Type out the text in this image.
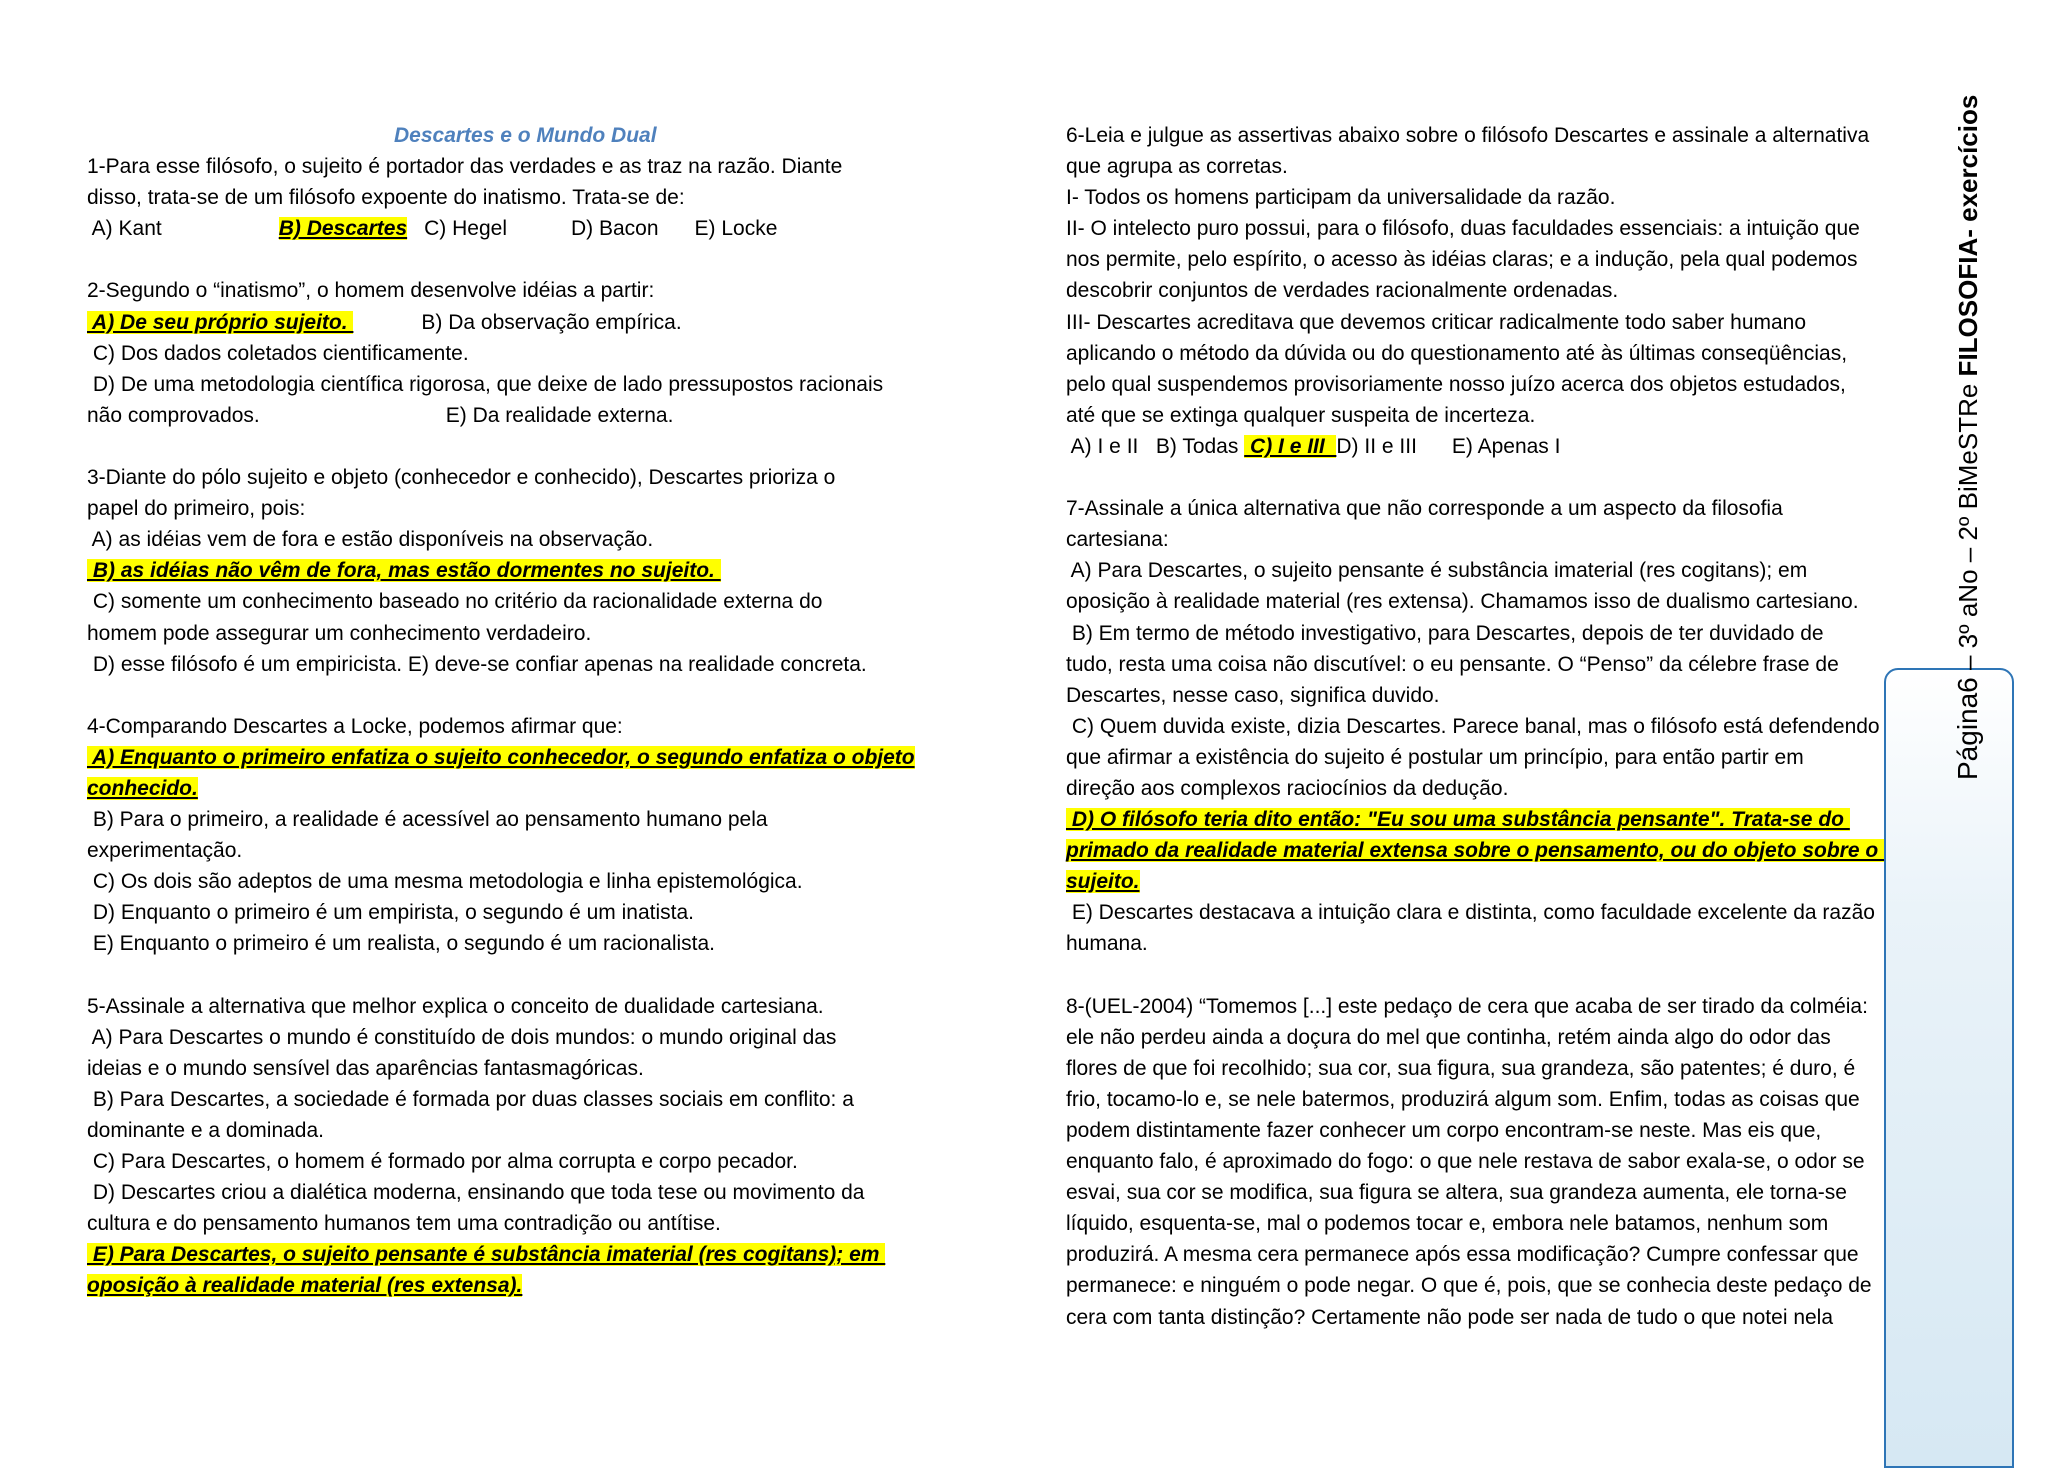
Descartes e o Mundo Dual
1-Para esse filósofo, o sujeito é portador das verdades e as traz na razão. Diante
disso, trata-se de um filósofo expoente do inatismo. Trata-se de:
A) Kant	B) Descartes C) Hegel	D) Bacon E) Locke
2-Segundo o “inatismo”, o homem desenvolve idéias a partir:
A) De seu próprio sujeito.	B) Da observação empírica.
C) Dos dados coletados cientificamente.
D) De uma metodologia científica rigorosa, que deixe de lado pressupostos racionais
não comprovados.	E) Da realidade externa.
3-Diante do pólo sujeito e objeto (conhecedor e conhecido), Descartes prioriza o
papel do primeiro, pois:
A) as idéias vem de fora e estão disponíveis na observação.
B) as idéias não vêm de fora, mas estão dormentes no sujeito.
C) somente um conhecimento baseado no critério da racionalidade externa do
homem pode assegurar um conhecimento verdadeiro.
D) esse filósofo é um empiricista. E) deve-se confiar apenas na realidade concreta.
4-Comparando Descartes a Locke, podemos afirmar que:
A) Enquanto o primeiro enfatiza o sujeito conhecedor, o segundo enfatiza o objeto
conhecido.
B) Para o primeiro, a realidade é acessível ao pensamento humano pela
experimentação.
C) Os dois são adeptos de uma mesma metodologia e linha epistemológica.
D) Enquanto o primeiro é um empirista, o segundo é um inatista.
E) Enquanto o primeiro é um realista, o segundo é um racionalista.
5-Assinale a alternativa que melhor explica o conceito de dualidade cartesiana.
A) Para Descartes o mundo é constituído de dois mundos: o mundo original das
ideias e o mundo sensível das aparências fantasmagóricas.
B) Para Descartes, a sociedade é formada por duas classes sociais em conflito: a
dominante e a dominada.
C) Para Descartes, o homem é formado por alma corrupta e corpo pecador.
D) Descartes criou a dialética moderna, ensinando que toda tese ou movimento da
cultura e do pensamento humanos tem uma contradição ou antítise.
E) Para Descartes, o sujeito pensante é substância imaterial (res cogitans); em
oposição à realidade material (res extensa).
6-Leia e julgue as assertivas abaixo sobre o filósofo Descartes e assinale a alternativa
que agrupa as corretas.
I- Todos os homens participam da universalidade da razão.
II- O intelecto puro possui, para o filósofo, duas faculdades essenciais: a intuição que
nos permite, pelo espírito, o acesso às idéias claras; e a indução, pela qual podemos
descobrir conjuntos de verdades racionalmente ordenadas.
III- Descartes acreditava que devemos criticar radicalmente todo saber humano
aplicando o método da dúvida ou do questionamento até às últimas conseqüências,
pelo qual suspendemos provisoriamente nosso juízo acerca dos objetos estudados,
até que se extinga qualquer suspeita de incerteza.
A) I e II   B) Todas  C) I e III  D) II e III      E) Apenas I
7-Assinale a única alternativa que não corresponde a um aspecto da filosofia
cartesiana:
A) Para Descartes, o sujeito pensante é substância imaterial (res cogitans); em
oposição à realidade material (res extensa). Chamamos isso de dualismo cartesiano.
B) Em termo de método investigativo, para Descartes, depois de ter duvidado de
tudo, resta uma coisa não discutível: o eu pensante. O “Penso” da célebre frase de
Descartes, nesse caso, significa duvido.
C) Quem duvida existe, dizia Descartes. Parece banal, mas o filósofo está defendendo
que afirmar a existência do sujeito é postular um princípio, para então partir em
direção aos complexos raciocínios da dedução.
D) O filósofo teria dito então: "Eu sou uma substância pensante". Trata-se do
primado da realidade material extensa sobre o pensamento, ou do objeto sobre o
sujeito.
E) Descartes destacava a intuição clara e distinta, como faculdade excelente da razão
humana.
8-(UEL-2004) “Tomemos [...] este pedaço de cera que acaba de ser tirado da colméia:
ele não perdeu ainda a doçura do mel que continha, retém ainda algo do odor das
flores de que foi recolhido; sua cor, sua figura, sua grandeza, são patentes; é duro, é
frio, tocamo-lo e, se nele batermos, produzirá algum som. Enfim, todas as coisas que
podem distintamente fazer conhecer um corpo encontram-se neste. Mas eis que,
enquanto falo, é aproximado do fogo: o que nele restava de sabor exala-se, o odor se
esvai, sua cor se modifica, sua figura se altera, sua grandeza aumenta, ele torna-se
líquido, esquenta-se, mal o podemos tocar e, embora nele batamos, nenhum som
produzirá. A mesma cera permanece após essa modificação? Cumpre confessar que
permanece: e ninguém o pode negar. O que é, pois, que se conhecia deste pedaço de
cera com tanta distinção? Certamente não pode ser nada de tudo o que notei nela
Página6 – 3º aNo – 2º BiMeSTRe FILOSOFIA- exercícios
